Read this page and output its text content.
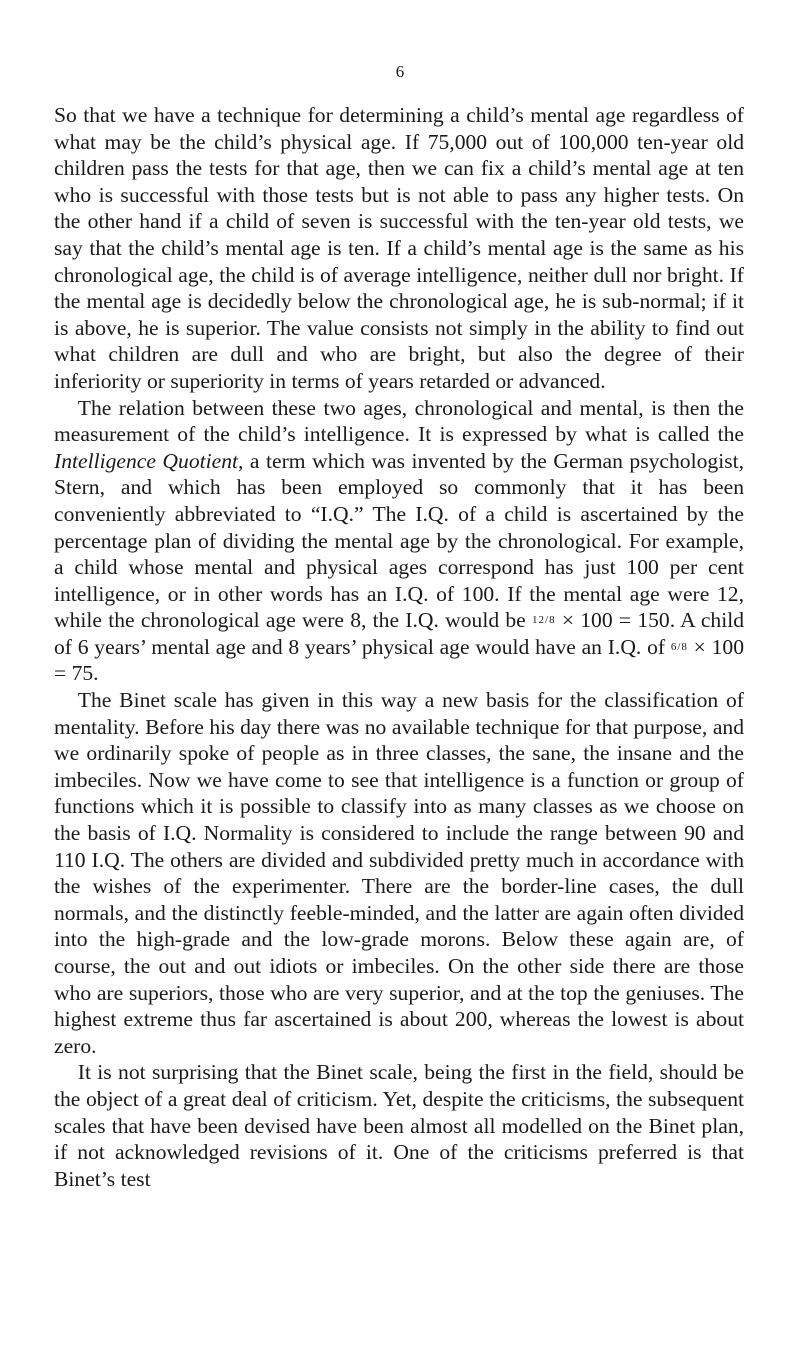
6

So that we have a technique for determining a child’s mental age regardless of what may be the child’s physical age. If 75,000 out of 100,000 ten-year old children pass the tests for that age, then we can fix a child’s mental age at ten who is successful with those tests but is not able to pass any higher tests. On the other hand if a child of seven is successful with the ten-year old tests, we say that the child’s mental age is ten. If a child’s mental age is the same as his chronological age, the child is of average intelligence, neither dull nor bright. If the mental age is decidedly below the chronological age, he is sub-normal; if it is above, he is superior. The value consists not simply in the ability to find out what children are dull and who are bright, but also the degree of their inferiority or superiority in terms of years retarded or advanced.

The relation between these two ages, chronological and mental, is then the measurement of the child’s intelligence. It is expressed by what is called the Intelligence Quotient, a term which was invented by the German psychologist, Stern, and which has been employed so commonly that it has been conveniently abbreviated to “I.Q.” The I.Q. of a child is ascertained by the percentage plan of dividing the mental age by the chronological. For example, a child whose mental and physical ages correspond has just 100 per cent intelligence, or in other words has an I.Q. of 100. If the mental age were 12, while the chronological age were 8, the I.Q. would be 12/8 × 100 = 150. A child of 6 years’ mental age and 8 years’ physical age would have an I.Q. of 6/8 × 100 = 75.

The Binet scale has given in this way a new basis for the classification of mentality. Before his day there was no available technique for that purpose, and we ordinarily spoke of people as in three classes, the sane, the insane and the imbeciles. Now we have come to see that intelligence is a function or group of functions which it is possible to classify into as many classes as we choose on the basis of I.Q. Normality is considered to include the range between 90 and 110 I.Q. The others are divided and subdivided pretty much in accordance with the wishes of the experimenter. There are the border-line cases, the dull normals, and the distinctly feeble-minded, and the latter are again often divided into the high-grade and the low-grade morons. Below these again are, of course, the out and out idiots or imbeciles. On the other side there are those who are superiors, those who are very superior, and at the top the geniuses. The highest extreme thus far ascertained is about 200, whereas the lowest is about zero.

It is not surprising that the Binet scale, being the first in the field, should be the object of a great deal of criticism. Yet, despite the criticisms, the subsequent scales that have been devised have been almost all modelled on the Binet plan, if not acknowledged revisions of it. One of the criticisms preferred is that Binet’s test
